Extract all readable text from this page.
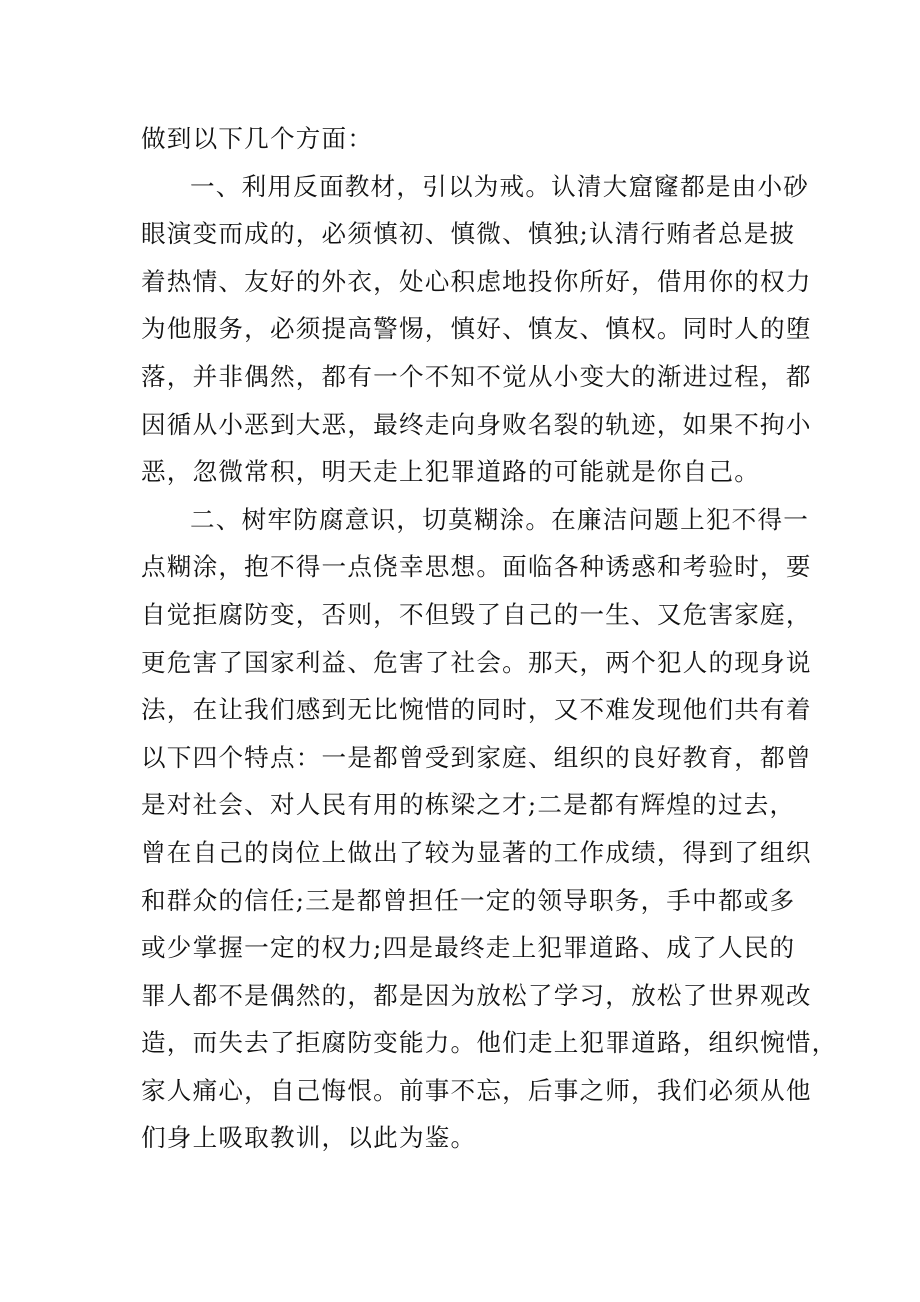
做到以下几个方面：
一、利用反面教材，引以为戒。认清大窟窿都是由小砂
眼演变而成的，必须慎初、慎微、慎独;认清行贿者总是披
着热情、友好的外衣，处心积虑地投你所好，借用你的权力
为他服务，必须提高警惕，慎好、慎友、慎权。同时人的堕
落，并非偶然，都有一个不知不觉从小变大的渐进过程，都
因循从小恶到大恶，最终走向身败名裂的轨迹，如果不拘小
恶，忽微常积，明天走上犯罪道路的可能就是你自己。
二、树牢防腐意识，切莫糊涂。在廉洁问题上犯不得一
点糊涂，抱不得一点侥幸思想。面临各种诱惑和考验时，要
自觉拒腐防变，否则，不但毁了自己的一生、又危害家庭，
更危害了国家利益、危害了社会。那天，两个犯人的现身说
法，在让我们感到无比惋惜的同时，又不难发现他们共有着
以下四个特点：一是都曾受到家庭、组织的良好教育，都曾
是对社会、对人民有用的栋梁之才;二是都有辉煌的过去，
曾在自己的岗位上做出了较为显著的工作成绩，得到了组织
和群众的信任;三是都曾担任一定的领导职务，手中都或多
或少掌握一定的权力;四是最终走上犯罪道路、成了人民的
罪人都不是偶然的，都是因为放松了学习，放松了世界观改
造，而失去了拒腐防变能力。他们走上犯罪道路，组织惋惜，
家人痛心，自己悔恨。前事不忘，后事之师，我们必须从他
们身上吸取教训，以此为鉴。
